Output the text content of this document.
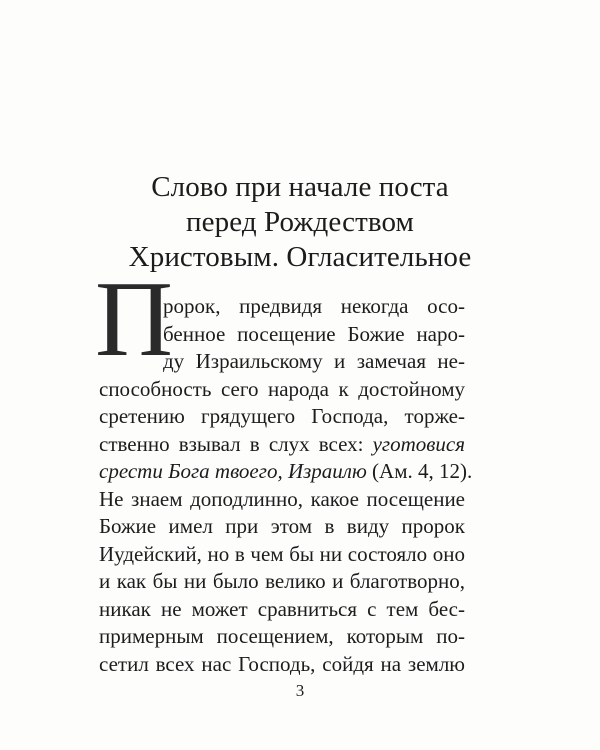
Слово при начале поста
перед Рождеством
Христовым. Огласительное
П
ророк, предвидя некогда осо-
бенное посещение Божие наро-
ду Израильскому и замечая не-
способность сего народа к достойному
сретению грядущего Господа, торже-
ственно взывал в слух всех: уготовися
срести Бога твоего, Израилю (Ам. 4, 12).
Не знаем доподлинно, какое посещение
Божие имел при этом в виду пророк
Иудейский, но в чем бы ни состояло оно
и как бы ни было велико и благотворно,
никак не может сравниться с тем бес-
примерным посещением, которым по-
3
сетил всех нас Господь, сойдя на землю
